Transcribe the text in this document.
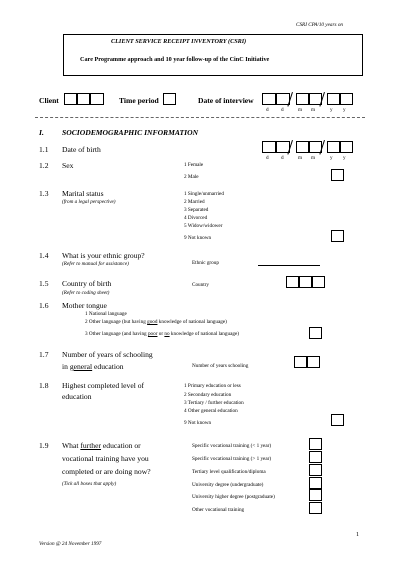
CSRI CPA/10 years on
CLIENT SERVICE RECEIPT INVENTORY (CSRI)
Care Programme approach and 10 year follow-up of the CinC Initiative
Client	Time period	Date of interview
d d	m m	y y
I. SOCIODEMOGRAPHIC INFORMATION
1.1 Date of birth
d d	m m	y y
1.2 Sex	1 Female
2 Male
1.3 Marital status
(from a legal perspective)
1 Single/unmarried
2 Married
3 Separated
4 Divorced
5 Widow/widower
9 Not known
1.4 What is your ethnic group?
(Refer to manual for assistance)	Ethnic group
1.5 Country of birth
(Refer to coding sheet)
Country
1.6 Mother tongue
1 National language
2 Other language (but having good knowledge of national language)
3 Other language (and having poor or no knowledge of national language)
1.7 Number of years of schooling
in general education	Number of years schooling
1.8 Highest completed level of
education
1 Primary education or less
2 Secondary education
3 Tertiary / further education
4 Other general education
9 Not known
1.9 What further education or
vocational training have you
completed or are doing now?
(Tick all boxes that apply)
Specific vocational training (< 1 year)
Specific vocational training (> 1 year)
Tertiary level qualification/diploma
University degree (undergraduate)
University higher degree (postgraduate)
Other vocational training
1
Version @ 24 November 1997
